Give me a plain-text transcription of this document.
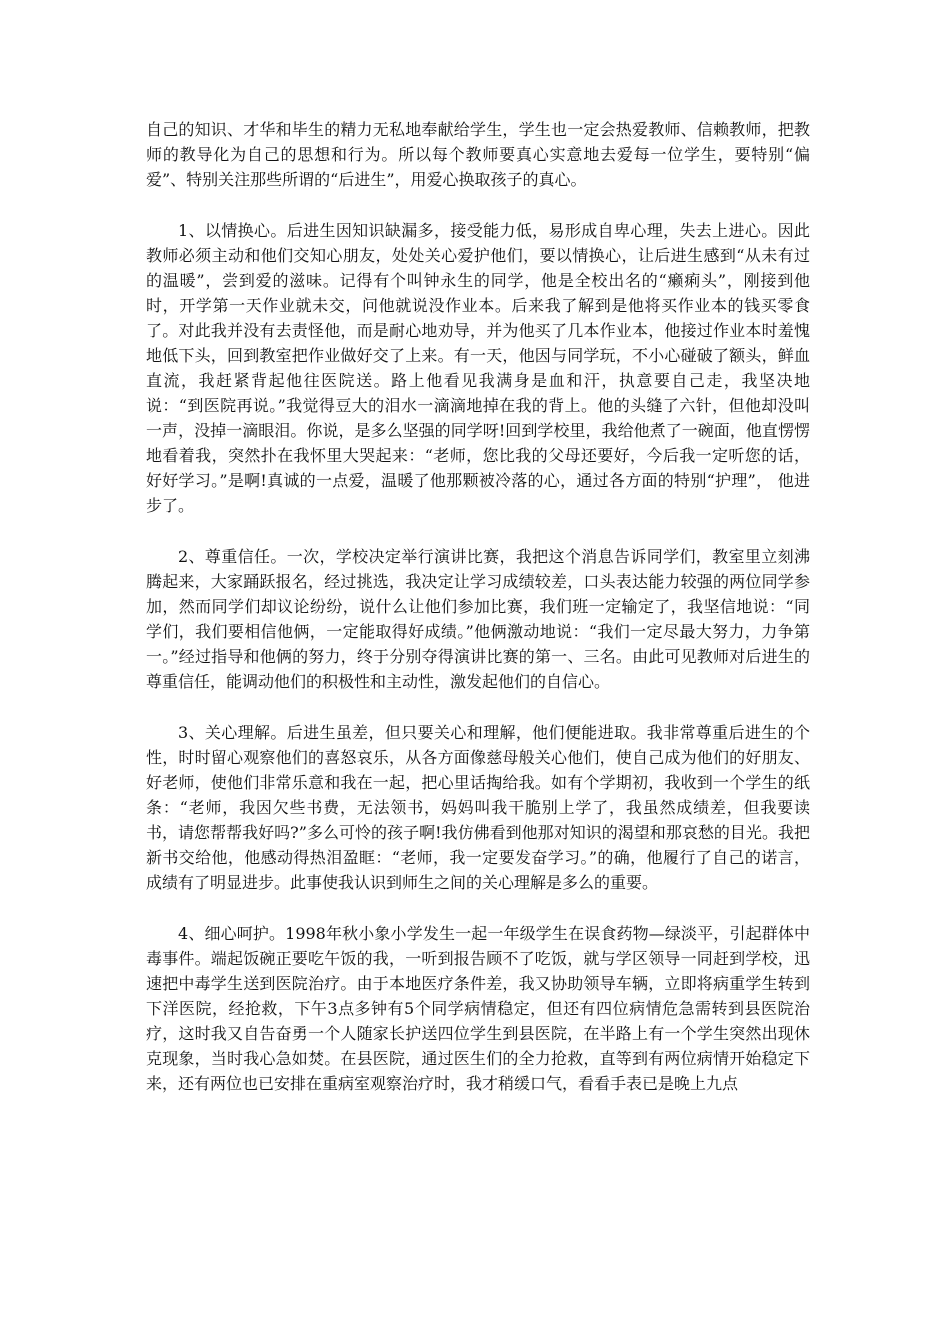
自己的知识、才华和毕生的精力无私地奉献给学生，学生也一定会热爱教师、信赖教师，把教师的教导化为自己的思想和行为。所以每个教师要真心实意地去爱每一位学生，要特别“偏爱”、特别关注那些所谓的“后进生”，用爱心换取孩子的真心。

1、以情换心。后进生因知识缺漏多，接受能力低，易形成自卑心理，失去上进心。因此教师必须主动和他们交知心朋友，处处关心爱护他们，要以情换心，让后进生感到“从未有过的温暖”，尝到爱的滋味。记得有个叫钟永生的同学，他是全校出名的“癞痢头”，刚接到他时，开学第一天作业就未交，问他就说没作业本。后来我了解到是他将买作业本的钱买零食了。对此我并没有去责怪他，而是耐心地劝导，并为他买了几本作业本，他接过作业本时羞愧地低下头，回到教室把作业做好交了上来。有一天，他因与同学玩，不小心碰破了额头，鲜血直流，我赶紧背起他往医院送。路上他看见我满身是血和汗，执意要自己走，我坚决地说：“到医院再说。”我觉得豆大的泪水一滴滴地掉在我的背上。他的头缝了六针，但他却没叫一声，没掉一滴眼泪。你说，是多么坚强的同学呀!回到学校里，我给他煮了一碗面，他直愣愣地看着我，突然扑在我怀里大哭起来：“老师，您比我的父母还要好，今后我一定听您的话，好好学习。”是啊!真诚的一点爱，温暖了他那颗被冷落的心，通过各方面的特别“护理”， 他进步了。

2、尊重信任。一次，学校决定举行演讲比赛，我把这个消息告诉同学们，教室里立刻沸腾起来，大家踊跃报名，经过挑选，我决定让学习成绩较差，口头表达能力较强的两位同学参加，然而同学们却议论纷纷，说什么让他们参加比赛，我们班一定输定了，我坚信地说：“同学们，我们要相信他俩，一定能取得好成绩。”他俩激动地说：“我们一定尽最大努力，力争第一。”经过指导和他俩的努力，终于分别夺得演讲比赛的第一、三名。由此可见教师对后进生的尊重信任，能调动他们的积极性和主动性，激发起他们的自信心。

3、关心理解。后进生虽差，但只要关心和理解，他们便能进取。我非常尊重后进生的个性，时时留心观察他们的喜怒哀乐，从各方面像慈母般关心他们，使自己成为他们的好朋友、好老师，使他们非常乐意和我在一起，把心里话掏给我。如有个学期初，我收到一个学生的纸条：“老师，我因欠些书费，无法领书，妈妈叫我干脆别上学了，我虽然成绩差，但我要读书，请您帮帮我好吗?”多么可怜的孩子啊!我仿佛看到他那对知识的渴望和那哀愁的目光。我把新书交给他，他感动得热泪盈眶：“老师，我一定要发奋学习。”的确，他履行了自己的诺言，成绩有了明显进步。此事使我认识到师生之间的关心理解是多么的重要。

4、细心呵护。1998年秋小象小学发生一起一年级学生在误食药物—绿淡平，引起群体中毒事件。端起饭碗正要吃午饭的我，一听到报告顾不了吃饭，就与学区领导一同赶到学校，迅速把中毒学生送到医院治疗。由于本地医疗条件差，我又协助领导车辆，立即将病重学生转到下洋医院，经抢救，下午3点多钟有5个同学病情稳定，但还有四位病情危急需转到县医院治疗，这时我又自告奋勇一个人随家长护送四位学生到县医院，在半路上有一个学生突然出现休克现象，当时我心急如焚。在县医院，通过医生们的全力抢救，直等到有两位病情开始稳定下来，还有两位也已安排在重病室观察治疗时，我才稍缓口气，看看手表已是晚上九点
